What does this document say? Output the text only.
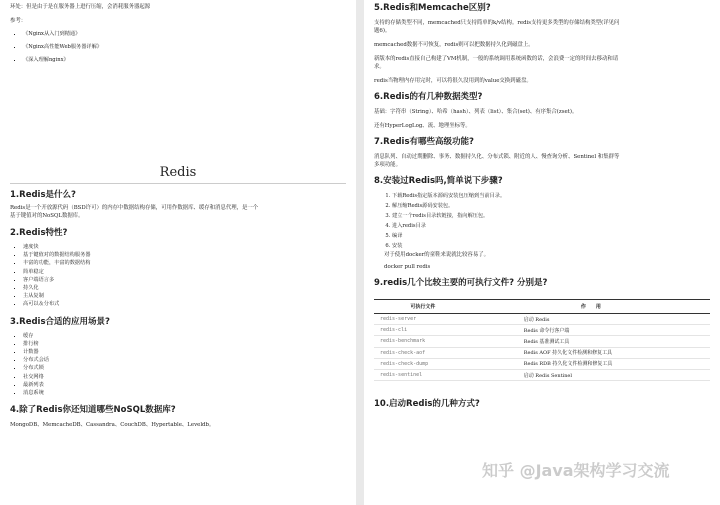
环处：但是由于是在服务器上进行压缩，会消耗服务器起源

参考：

▪ 《Nginx从入门到精通》
▪ 《Nginx高性能Web服务器详解》
▪ 《深入理解nginx》

Redis

1.Redis是什么?

Redis是一个开放源代码（BSD许可）的内存中数据结构存储，可用作数据库、缓存和消息代理，是一个

基于键值对的NoSQL数据库。

2.Redis特性?

▪ 速度快
▪ 基于键值对的数据结构服务器
▪ 丰富的功能，丰富的数据结构
▪ 简单稳定
▪ 客户端语言多
▪ 持久化
▪ 主从复制
▪ 高可以＆分布式

3.Redis合适的应用场景?

▪ 缓存
▪ 排行榜
▪ 计数器
▪ 分布式会话
▪ 分布式锁
▪ 社交网络
▪ 最新列表
▪ 消息系统

4.除了Redis你还知道哪些NoSQL数据库?

MongoDB、MemcacheDB、Cassandra、CouchDB、Hypertable、Leveldb。

5.Redis和Memcache区别?

支持的存储类型不同，memcached只支持简单的k/v结构。redis支持更多类型的存储结构类型(详见问

题6)。

memcached数据不可恢复，redis则可以把数据持久化到磁盘上。

新版本的redis直接自己构建了VM机制，一般的系统调用系统函数的话，会浪费一定的时间去移动和请

求。

redis当物理内存用完时，可以将很久没用到的value交换到磁盘。

6.Redis的有几种数据类型?

基础：字符串（String）、哈希（hash）、列表（list）、集合(set)、有序集合(zset)。

还有HyperLogLog、流、地理坐标等。

7.Redis有哪些高级功能?

消息队列、自动过期删除、事务、数据持久化、分布式锁、附近的人、慢查询分析、Sentinel 和集群等

多项功能。

8.安装过Redis吗,简单说下步骤?

1. 下载Redis指定版本源码安装包压缩到当前目录。
2. 解压缩Redis源码安装包。
3. 建立一个redis目录软链接，指向解压包。
4. 进入redis目录
5. 编译
6. 安装

对于使用docker的童鞋来说就比较容易了。

docker pull redis

9.redis几个比较主要的可执行文件? 分别是?

可执行文件	作　　用
redis-server	启动 Redis
redis-cli	Redis 命令行客户端
redis-benchmark	Redis 基准测试工具
redis-check-aof	Redis AOF 持久化文件检测和修复工具
redis-check-dump	Redis RDB 持久化文件检测和修复工具
redis-sentinel	启动 Redis Sentinel

10.启动Redis的几种方式?

知乎 @Java架构学习交流
